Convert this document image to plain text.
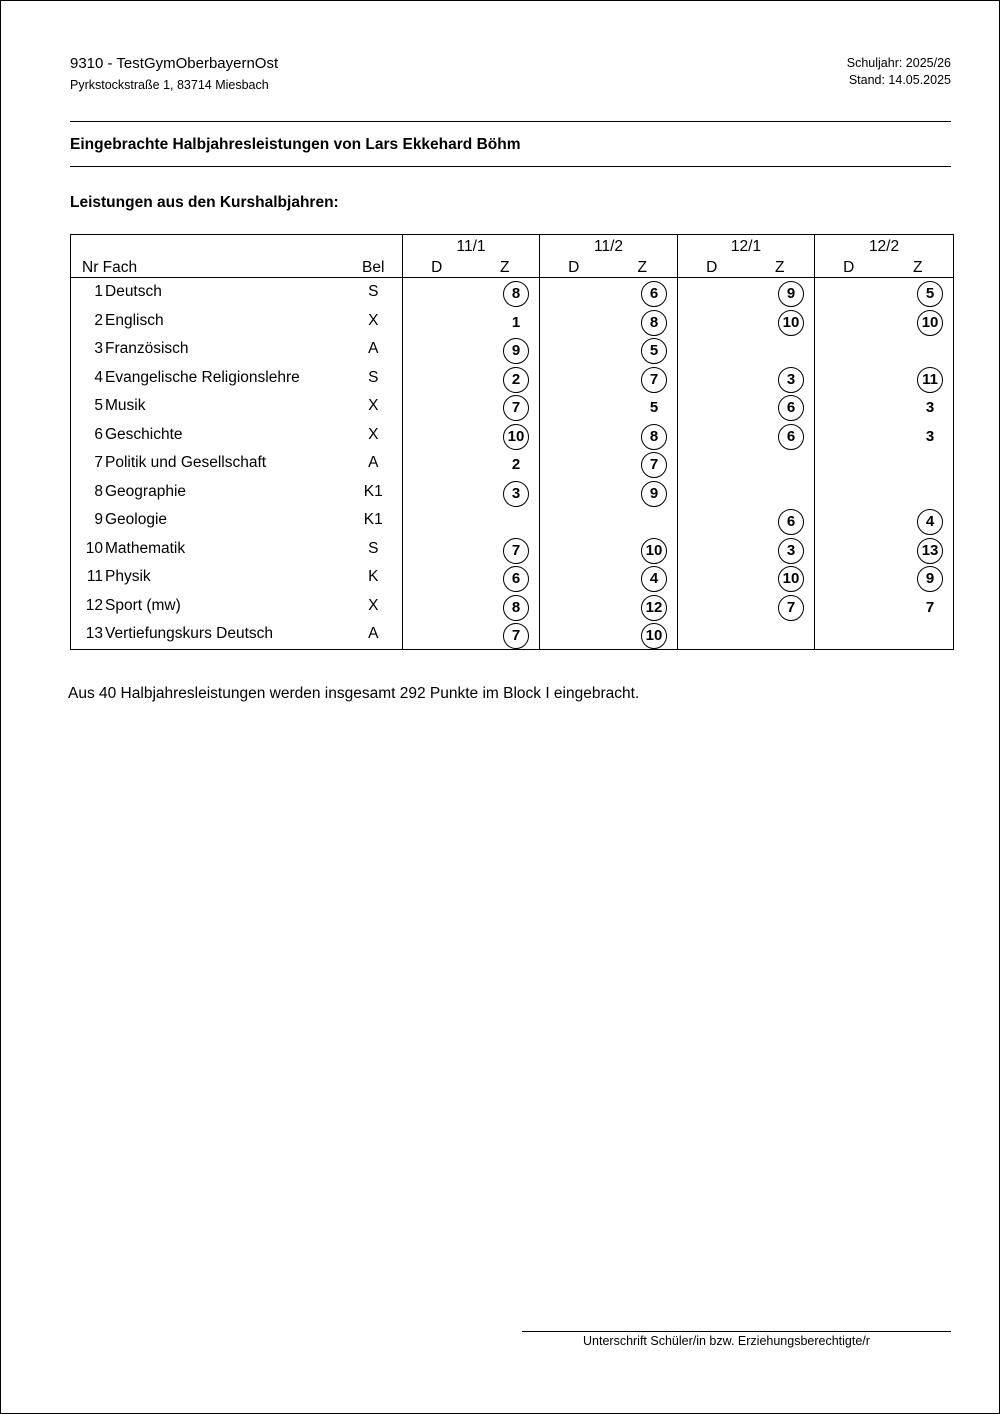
9310 - TestGymOberbayernOst
Pyrkstockstraße 1, 83714 Miesbach
Schuljahr: 2025/26
Stand: 14.05.2025
Eingebrachte Halbjahresleistungen von Lars Ekkehard Böhm
Leistungen aus den Kurshalbjahren:
		11/1		11/2		12/1		12/2	
Nr Fach	Bel	D	Z	D	Z	D	Z	D	Z

1 Deutsch	S		8		6		9		5

2 Englisch	X		1		8		10		10

3 Französisch	A		9		5				

4 Evangelische Religionslehre	S		2		7		3		11

5 Musik	X		7		5		6		3

6 Geschichte	X		10		8		6		3

7 Politik und Gesellschaft	A		2		7				

8 Geographie	K1		3		9				

9 Geologie	K1						6		4

10 Mathematik	S		7		10		3		13

11 Physik	K		6		4		10		9

12 Sport (mw)	X		8		12		7		7

13 Vertiefungskurs Deutsch	A		7		10				

Aus 40 Halbjahresleistungen werden insgesamt 292 Punkte im Block I eingebracht.
Unterschrift Schüler/in bzw. Erziehungsberechtigte/r
